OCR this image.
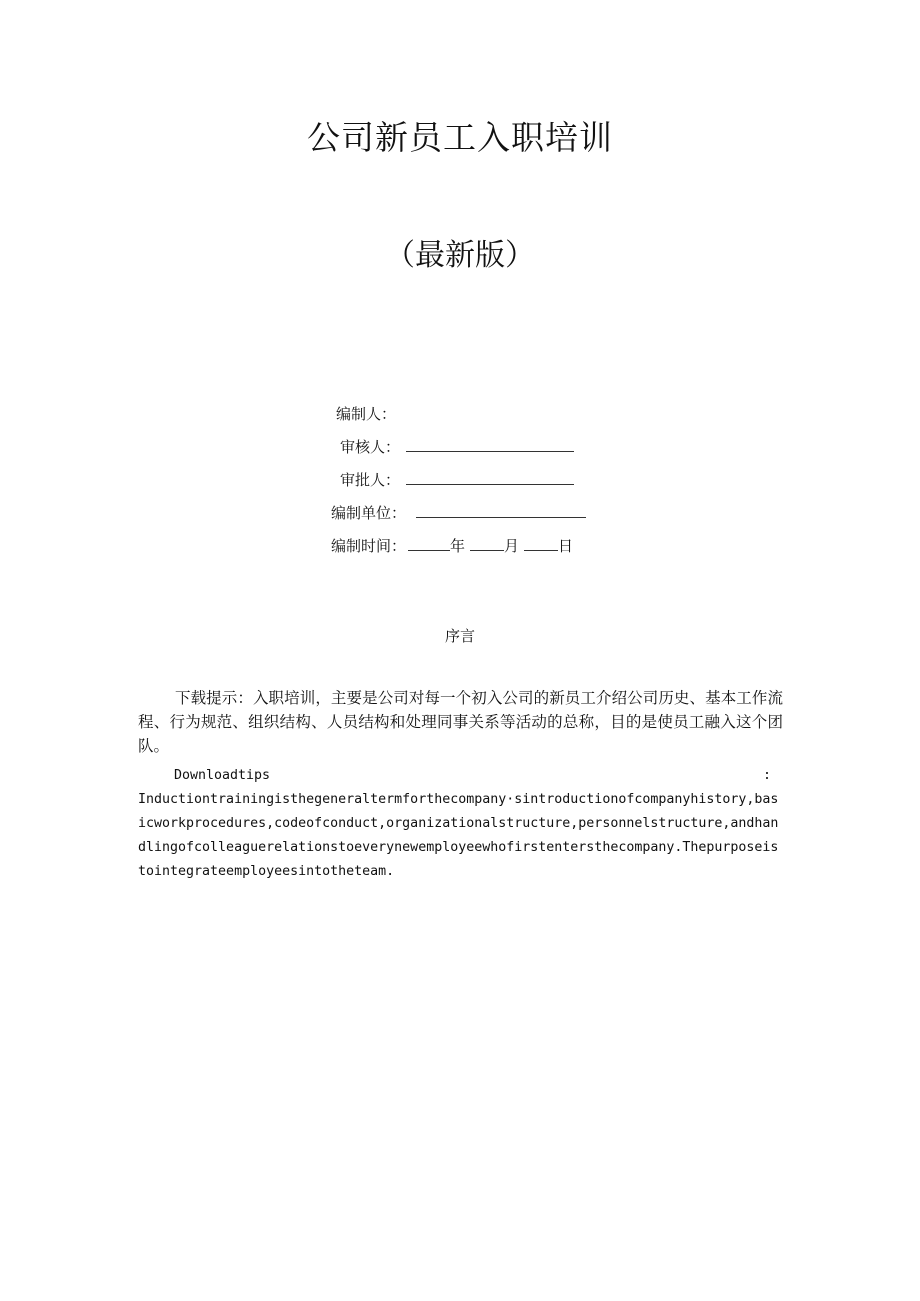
公司新员工入职培训
（最新版）
编制人：
审核人：
审批人：
编制单位：
编制时间：	年	月	日
序言
下载提示：入职培训，主要是公司对每一个初入公司的新员工介绍公司历史、基本工作流程、行为规范、组织结构、人员结构和处理同事关系等活动的总称，目的是使员工融入这个团队。
Downloadtips	:
Inductiontrainingisthegeneraltermforthecompany·sintroductionofcompanyhistory,basicworkprocedures,codeofconduct,organizationalstructure,personnelstructure,andhandlingofcolleaguerelationstoeverynewemployeewhofirstentersthecompany.Thepurposeistointegrateemployeesintotheteam.
